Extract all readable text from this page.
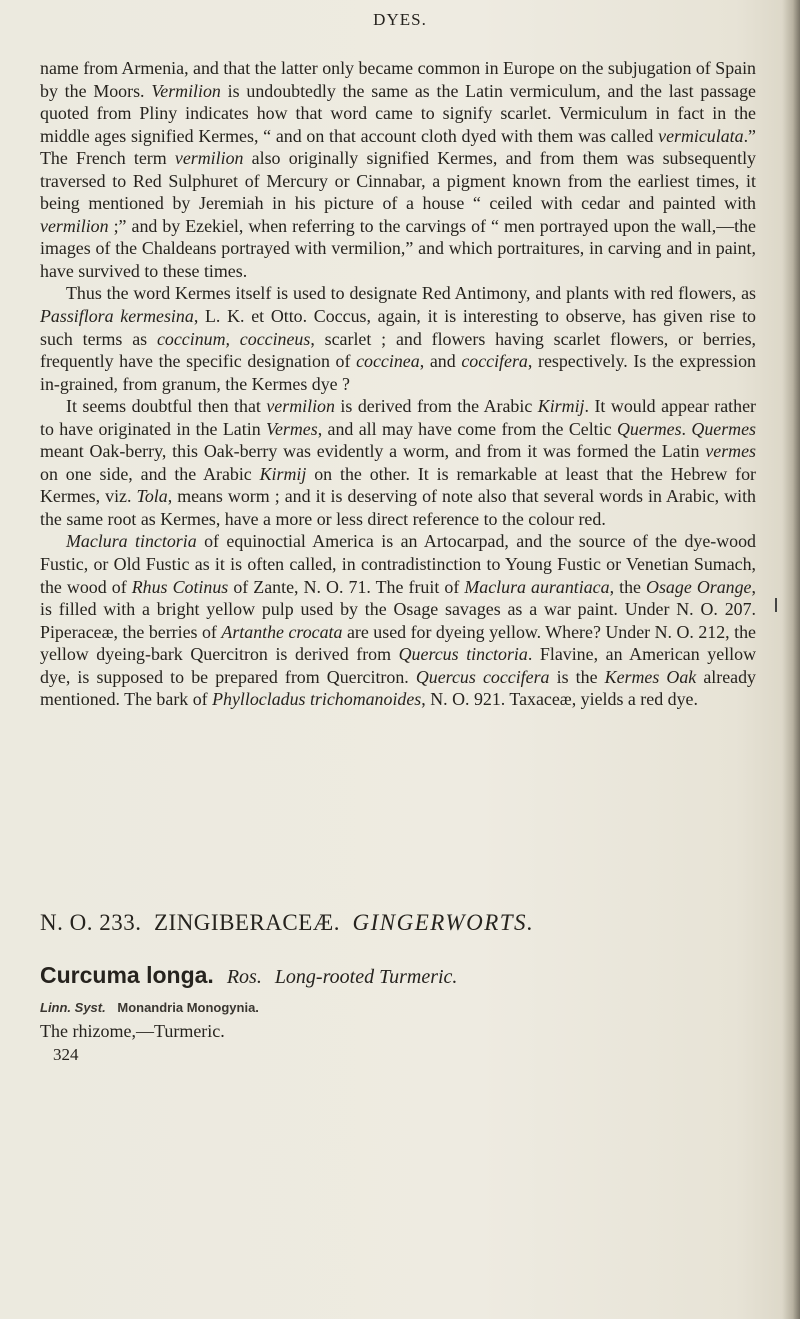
DYES.

name from Armenia, and that the latter only became common in Europe on the subjugation of Spain by the Moors. Vermilion is undoubtedly the same as the Latin vermiculum, and the last passage quoted from Pliny indicates how that word came to signify scarlet. Vermiculum in fact in the middle ages signified Kermes, “ and on that account cloth dyed with them was called vermiculata.” The French term vermilion also originally signified Kermes, and from them was subsequently traversed to Red Sulphuret of Mercury or Cinnabar, a pigment known from the earliest times, it being mentioned by Jeremiah in his picture of a house “ ceiled with cedar and painted with vermilion ;” and by Ezekiel, when referring to the carvings of “ men portrayed upon the wall,—the images of the Chaldeans portrayed with vermilion,” and which portraitures, in carving and in paint, have survived to these times.

Thus the word Kermes itself is used to designate Red Antimony, and plants with red flowers, as Passiflora kermesina, L. K. et Otto. Coccus, again, it is interesting to observe, has given rise to such terms as coccinum, coccineus, scarlet ; and flowers having scarlet flowers, or berries, frequently have the specific designation of coccinea, and coccifera, respectively. Is the expression in-grained, from granum, the Kermes dye ?

It seems doubtful then that vermilion is derived from the Arabic Kirmij. It would appear rather to have originated in the Latin Vermes, and all may have come from the Celtic Quermes. Quermes meant Oak-berry, this Oak-berry was evidently a worm, and from it was formed the Latin vermes on one side, and the Arabic Kirmij on the other. It is remarkable at least that the Hebrew for Kermes, viz. Tola, means worm ; and it is deserving of note also that several words in Arabic, with the same root as Kermes, have a more or less direct reference to the colour red.

Maclura tinctoria of equinoctial America is an Artocarpad, and the source of the dye-wood Fustic, or Old Fustic as it is often called, in contradistinction to Young Fustic or Venetian Sumach, the wood of Rhus Cotinus of Zante, N. O. 71. The fruit of Maclura aurantiaca, the Osage Orange, is filled with a bright yellow pulp used by the Osage savages as a war paint. Under N. O. 207. Piperaceæ, the berries of Artanthe crocata are used for dyeing yellow. Where? Under N. O. 212, the yellow dyeing-bark Quercitron is derived from Quercus tinctoria. Flavine, an American yellow dye, is supposed to be prepared from Quercitron. Quercus coccifera is the Kermes Oak already mentioned. The bark of Phyllocladus trichomanoides, N. O. 921. Taxaceæ, yields a red dye.

N. O. 233. ZINGIBERACEÆ. GINGERWORTS.
Curcuma longa. Ros. Long-rooted Turmeric.
Linn. Syst. Monandria Monogynia.
The rhizome,—Turmeric.
324
